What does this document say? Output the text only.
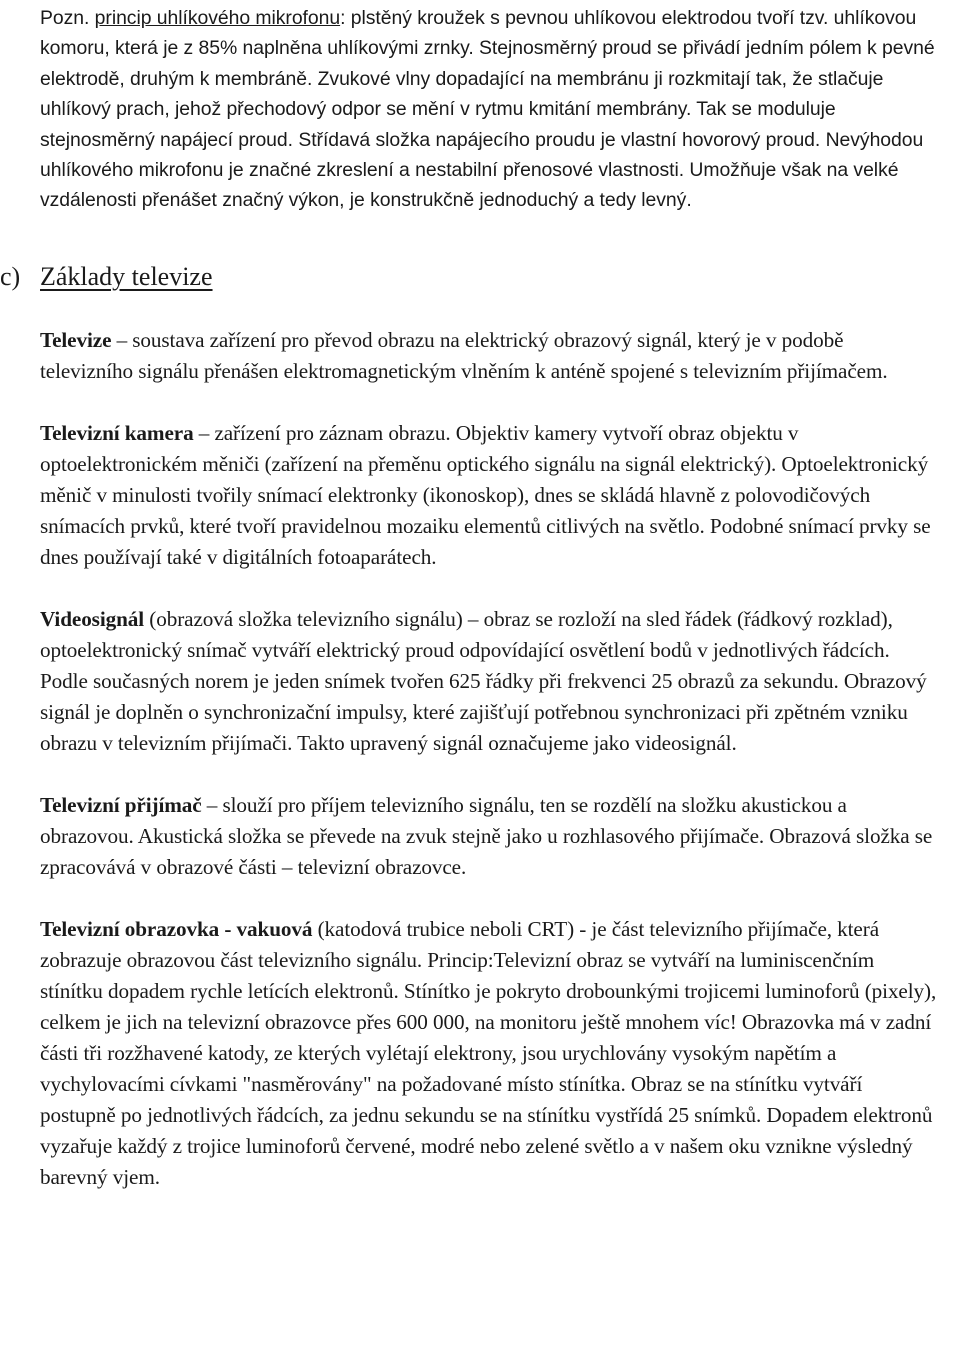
Pozn. princip uhlíkového mikrofonu: plstěný kroužek s pevnou uhlíkovou elektrodou tvoří tzv. uhlíkovou komoru, která je z 85% naplněna uhlíkovými zrnky. Stejnosměrný proud se přivádí jedním pólem k pevné elektrodě, druhým k membráně. Zvukové vlny dopadající na membránu ji rozkmitají tak, že stlačuje uhlíkový prach, jehož přechodový odpor se mění v rytmu kmitání membrány. Tak se moduluje stejnosměrný napájecí proud. Střídavá složka napájecího proudu je vlastní hovorový proud. Nevýhodou uhlíkového mikrofonu je značné zkreslení a nestabilní přenosové vlastnosti. Umožňuje však na velké vzdálenosti přenášet značný výkon, je konstrukčně jednoduchý a tedy levný.

c) Základy televize

Televize – soustava zařízení pro převod obrazu na elektrický obrazový signál, který je v podobě televizního signálu přenášen elektromagnetickým vlněním k anténě spojené s televizním přijímačem.

Televizní kamera – zařízení pro záznam obrazu. Objektiv kamery vytvoří obraz objektu v optoelektronickém měniči (zařízení na přeměnu optického signálu na signál elektrický). Optoelektronický měnič v minulosti tvořily snímací elektronky (ikonoskop), dnes se skládá hlavně z polovodičových snímacích prvků, které tvoří pravidelnou mozaiku elementů citlivých na světlo. Podobné snímací prvky se dnes používají také v digitálních fotoaparátech.

Videosignál (obrazová složka televizního signálu) – obraz se rozloží na sled řádek (řádkový rozklad), optoelektronický snímač vytváří elektrický proud odpovídající osvětlení bodů v jednotlivých řádcích. Podle současných norem je jeden snímek tvořen 625 řádky při frekvenci 25 obrazů za sekundu. Obrazový signál je doplněn o synchronizační impulsy, které zajišťují potřebnou synchronizaci při zpětném vzniku obrazu v televizním přijímači. Takto upravený signál označujeme jako videosignál.

Televizní přijímač – slouží pro příjem televizního signálu, ten se rozdělí na složku akustickou a obrazovou. Akustická složka se převede na zvuk stejně jako u rozhlasového přijímače. Obrazová složka se zpracovává v obrazové části – televizní obrazovce.

Televizní obrazovka - vakuová (katodová trubice neboli CRT) - je část televizního přijímače, která zobrazuje obrazovou část televizního signálu. Princip:Televizní obraz se vytváří na luminiscenčním stínítku dopadem rychle letících elektronů. Stínítko je pokryto drobounkými trojicemi luminoforů (pixely), celkem je jich na televizní obrazovce přes 600 000, na monitoru ještě mnohem víc! Obrazovka má v zadní části tři rozžhavené katody, ze kterých vylétají elektrony, jsou urychlovány vysokým napětím a vychylovacími cívkami "nasměrovány" na požadované místo stínítka. Obraz se na stínítku vytváří postupně po jednotlivých řádcích, za jednu sekundu se na stínítku vystřídá 25 snímků. Dopadem elektronů vyzařuje každý z trojice luminoforů červené, modré nebo zelené světlo a v našem oku vznikne výsledný barevný vjem.
